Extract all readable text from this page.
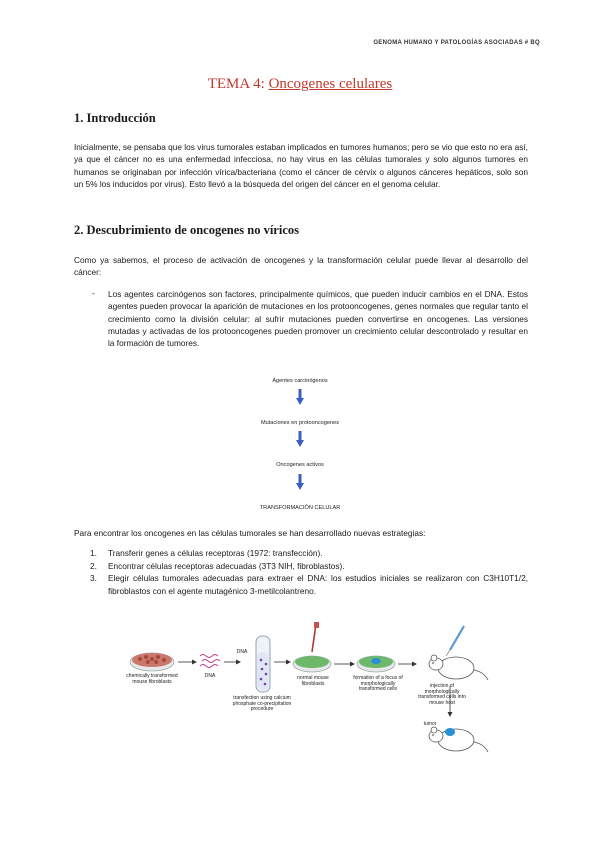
GENOMA HUMANO Y PATOLOGÍAS ASOCIADAS # BQ
TEMA 4: Oncogenes celulares
1. Introducción
Inicialmente, se pensaba que los virus tumorales estaban implicados en tumores humanos; pero se vio que esto no era así, ya que el cáncer no es una enfermedad infecciosa, no hay virus en las células tumorales y solo algunos tumores en humanos se originaban por infección vírica/bacteriana (como el cáncer de cérvix o algunos cánceres hepáticos, solo son un 5% los inducidos por virus). Esto llevó a la búsqueda del origen del cáncer en el genoma celular.
2. Descubrimiento de oncogenes no víricos
Como ya sabemos, el proceso de activación de oncogenes y la transformación celular puede llevar al desarrollo del cáncer:
- Los agentes carcinógenos son factores, principalmente químicos, que pueden inducir cambios en el DNA. Estos agentes pueden provocar la aparición de mutaciones en los protooncogenes, genes normales que regular tanto el crecimiento como la división celular: al sufrir mutaciones pueden convertirse en oncogenes. Las versiones mutadas y activadas de los protooncogenes pueden promover un crecimiento celular descontrolado y resultar en la formación de tumores.
Agentes carcinógenos
Mutaciones en protooncogenes
Oncogenes activos
TRANSFORMACIÓN CELULAR
Para encontrar los oncogenes en las células tumorales se han desarrollado nuevas estrategias:
1. Transferir genes a células receptoras (1972: transfección).
2. Encontrar células receptoras adecuadas (3T3 NIH, fibroblastos).
3. Elegir células tumorales adecuadas para extraer el DNA: los estudios iniciales se realizaron con C3H10T1/2, fibroblastos con el agente mutagénico 3-metilcolantreno.
chemically transformed mouse fibroblasts
DNA
DNA
transfection using calcium phosphate co-precipitation procedure
normal mouse fibroblasts
formation of a focus of morphologically transformed cells
injection of morphologically transformed cells into mouse host
tumor
